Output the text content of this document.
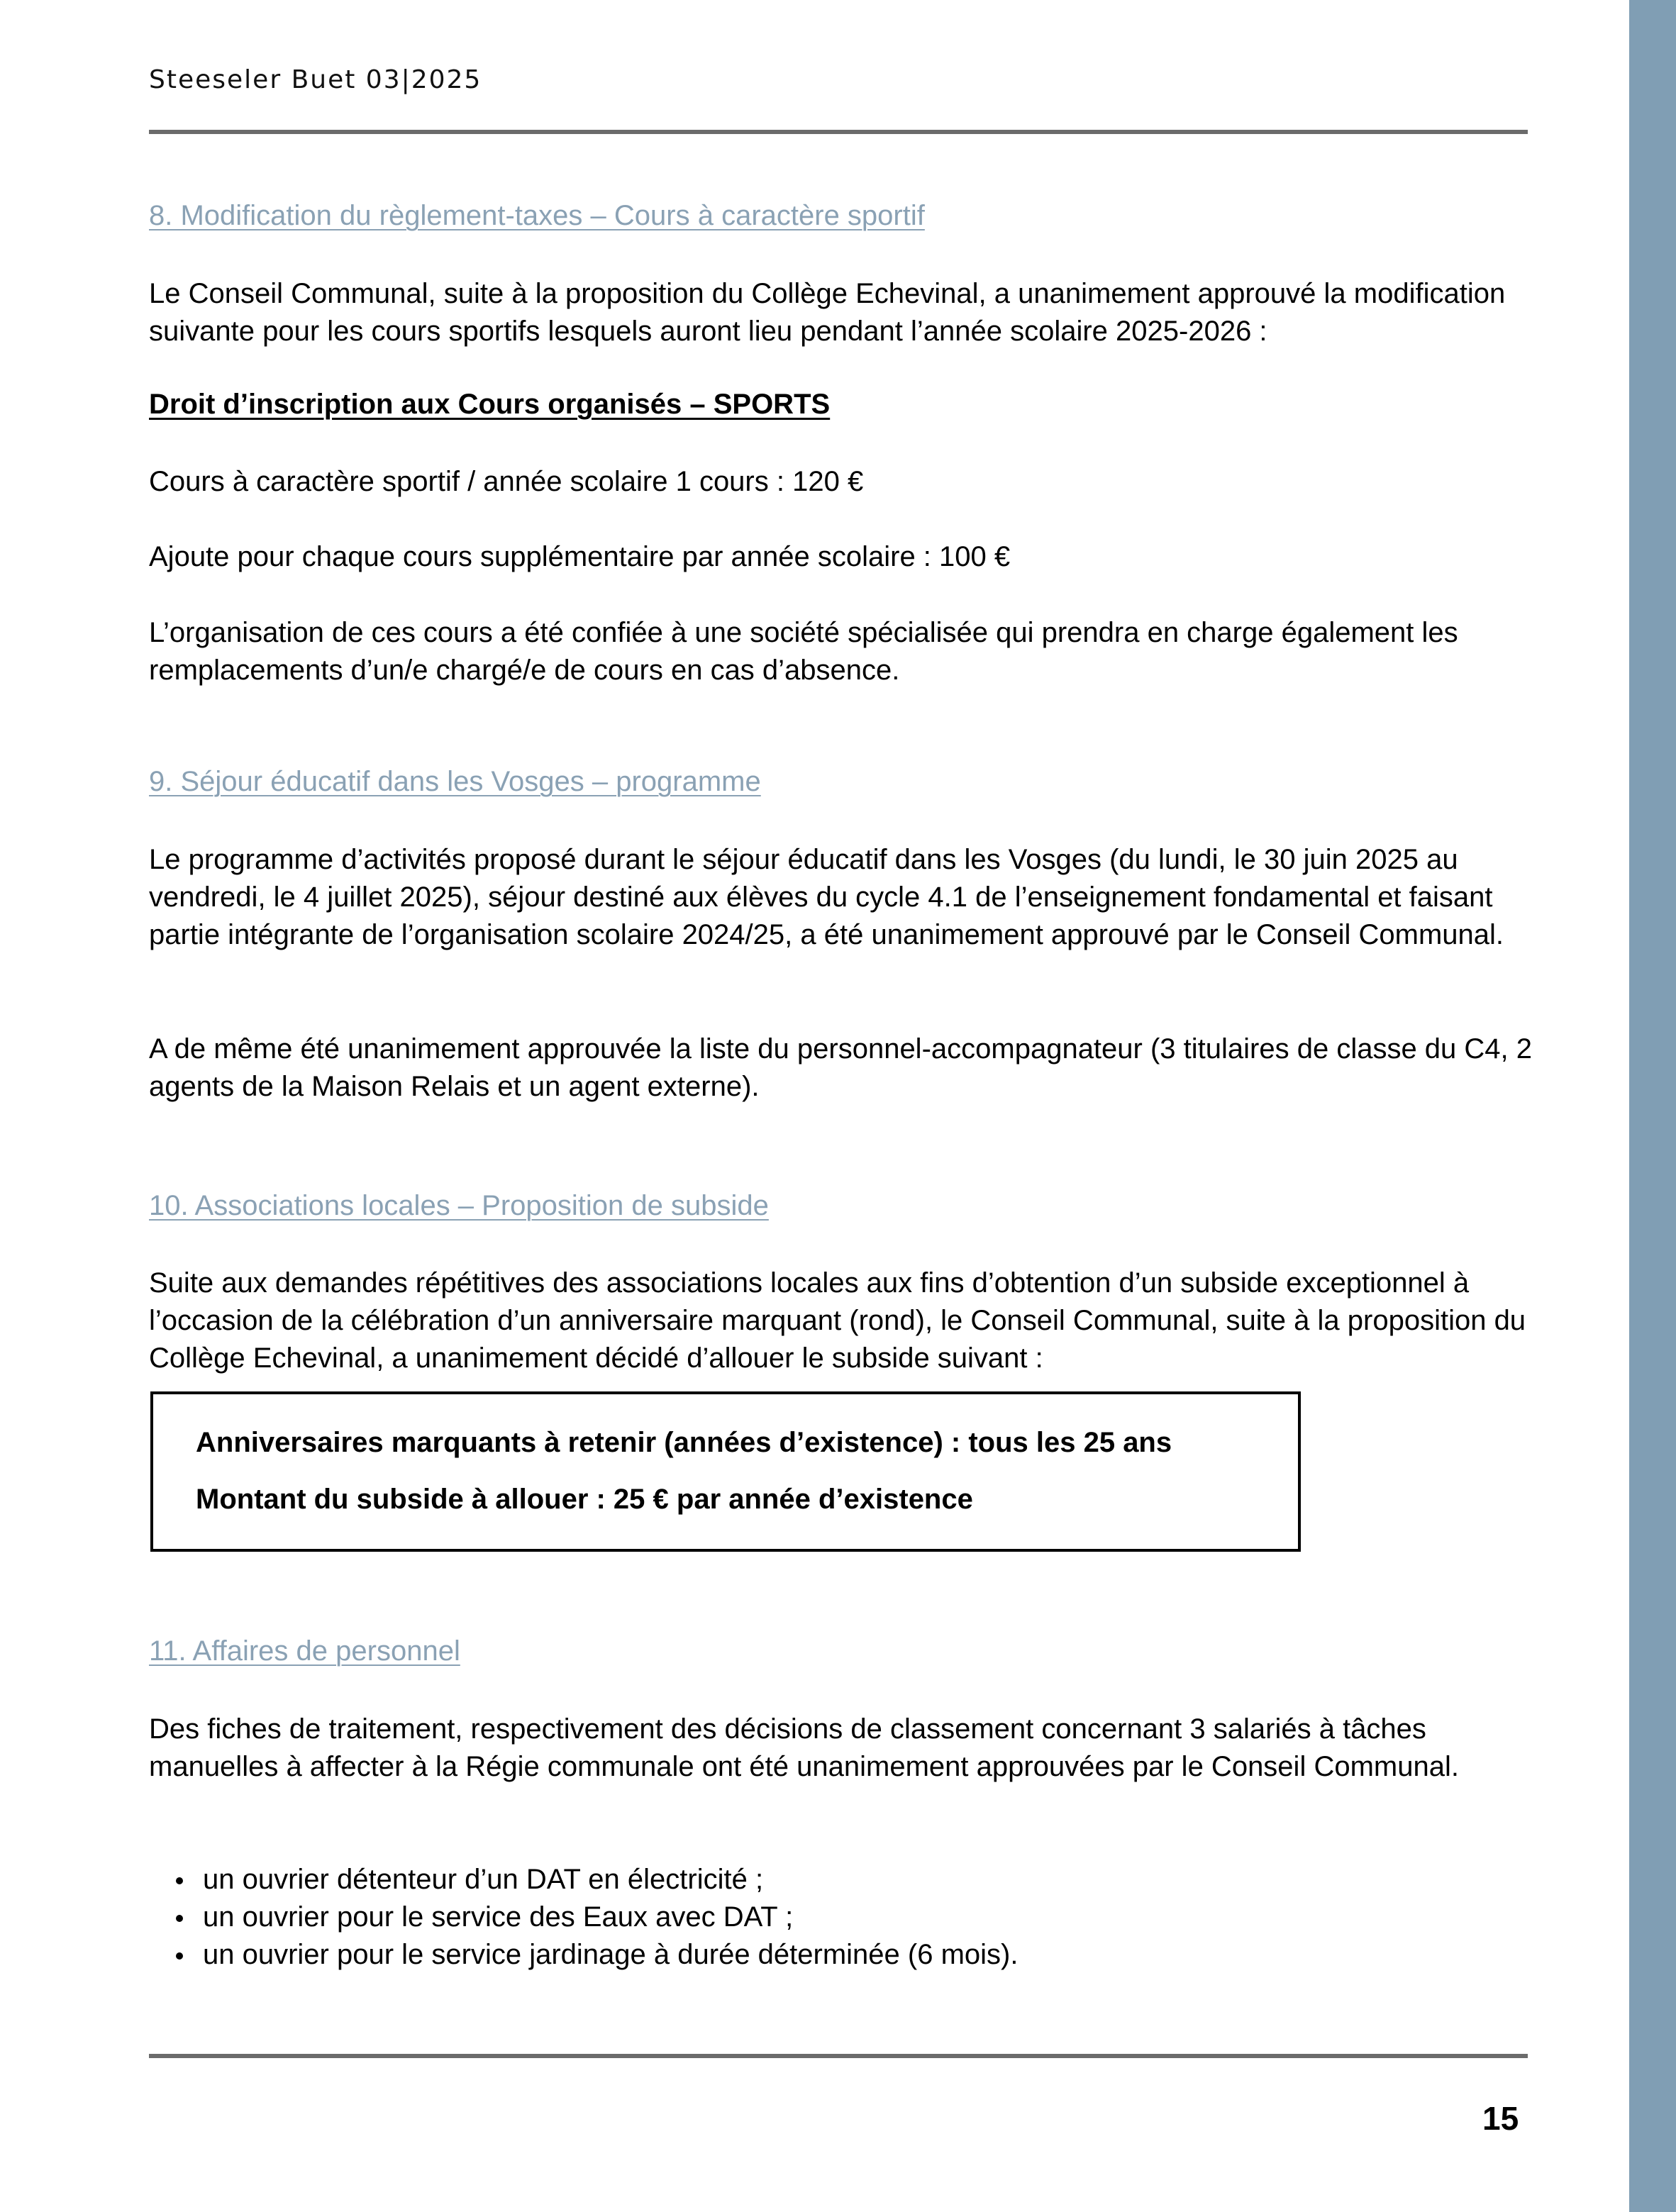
Steeseler Buet 03|2025

8. Modification du règlement-taxes – Cours à caractère sportif

Le Conseil Communal, suite à la proposition du Collège Echevinal, a unanimement approuvé la modification suivante pour les cours sportifs lesquels auront lieu pendant l’année scolaire 2025-2026 :

Droit d’inscription aux Cours organisés – SPORTS

Cours à caractère sportif / année scolaire 1 cours : 120 €

Ajoute pour chaque cours supplémentaire par année scolaire : 100 €

L’organisation de ces cours a été confiée à une société spécialisée qui prendra en charge également les remplacements d’un/e chargé/e de cours en cas d’absence.

9. Séjour éducatif dans les Vosges – programme

Le programme d’activités proposé durant le séjour éducatif dans les Vosges (du lundi, le 30 juin 2025 au vendredi, le 4 juillet 2025), séjour destiné aux élèves du cycle 4.1 de l’enseignement fondamental et faisant partie intégrante de l’organisation scolaire 2024/25, a été unanimement approuvé par le Conseil Communal.

A de même été unanimement approuvée la liste du personnel-accompagnateur (3 titulaires de classe du C4, 2 agents de la Maison Relais et un agent externe).

10. Associations locales – Proposition de subside

Suite aux demandes répétitives des associations locales aux fins d’obtention d’un subside exceptionnel à l’occasion de la célébration d’un anniversaire marquant (rond), le Conseil Communal, suite à la proposition du Collège Echevinal, a unanimement décidé d’allouer le subside suivant :

Anniversaires marquants à retenir (années d’existence) : tous les 25 ans
Montant du subside à allouer : 25 € par année d’existence

11. Affaires de personnel

Des fiches de traitement, respectivement des décisions de classement concernant 3 salariés à tâches manuelles à affecter à la Régie communale ont été unanimement approuvées par le Conseil Communal.

un ouvrier détenteur d’un DAT en électricité ;
un ouvrier pour le service des Eaux avec DAT ;
un ouvrier pour le service jardinage à durée déterminée (6 mois).
15
